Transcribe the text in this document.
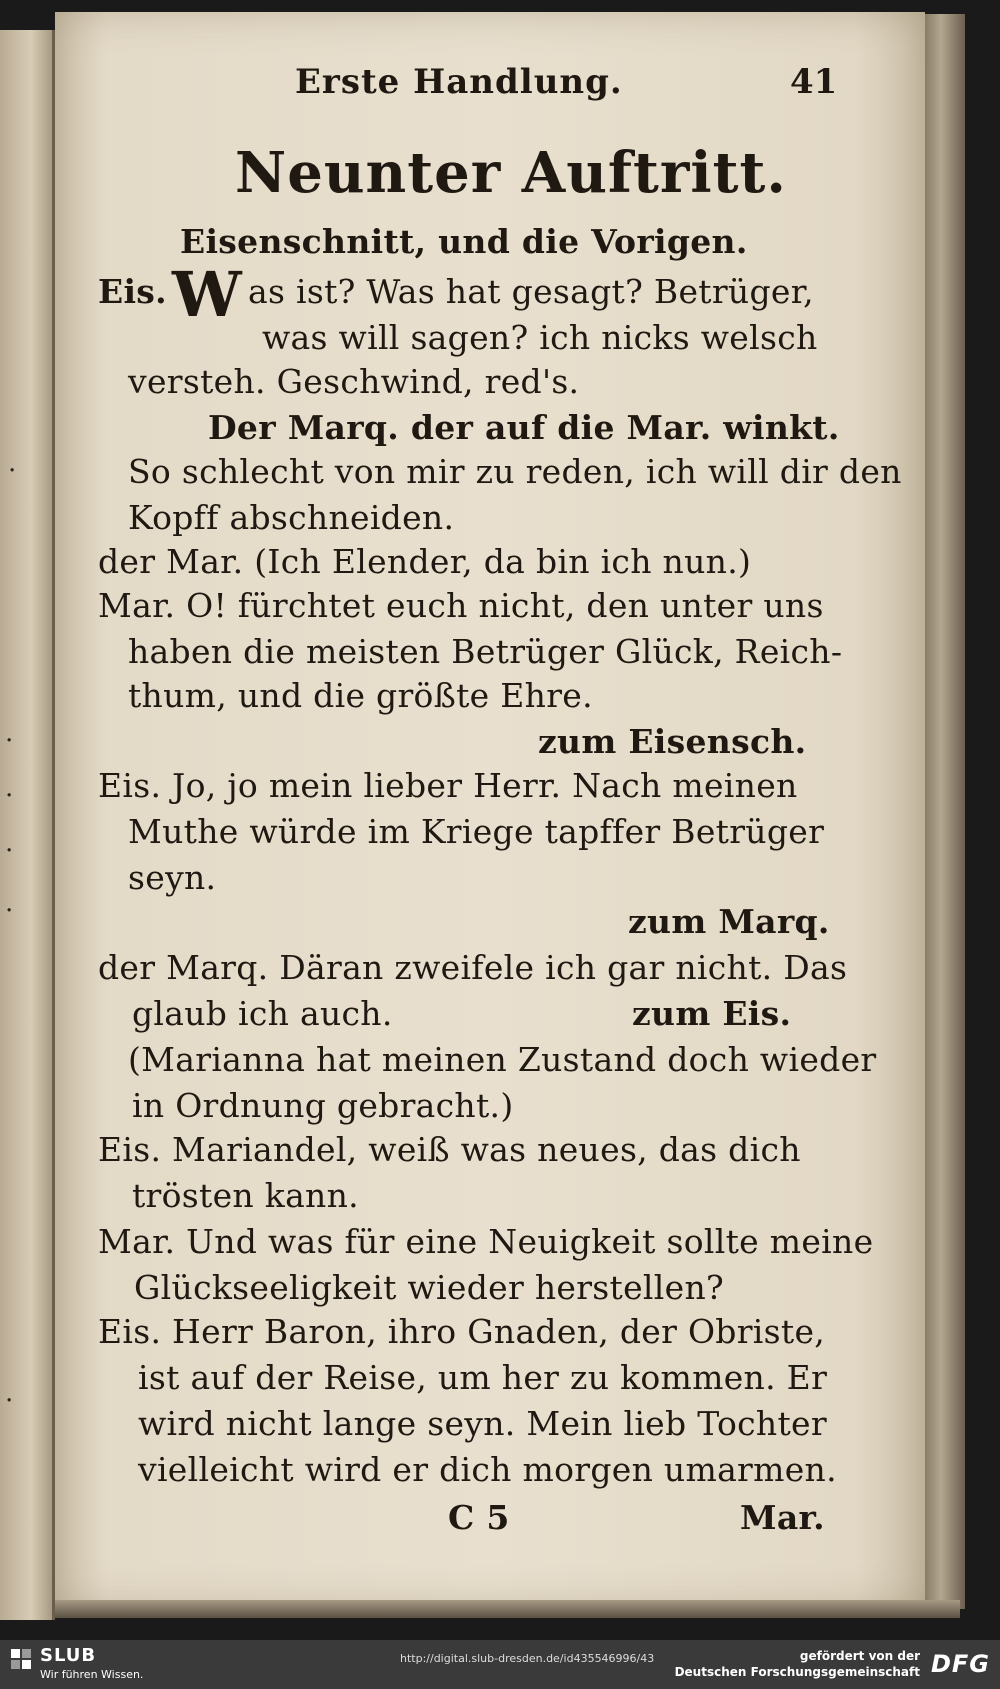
.
.
.
.
.
.
Erste Handlung.	41
Neunter Auftritt.
Eisenschnitt, und die Vorigen.
Eis. W as ist? Was hat gesagt? Betrüger,
was will sagen? ich nicks welsch
versteh. Geschwind, red's.
Der Marq. der auf die Mar. winkt.
So schlecht von mir zu reden, ich will dir den
Kopff abschneiden.
der Mar. (Ich Elender, da bin ich nun.)
Mar. O! fürchtet euch nicht, den unter uns
haben die meisten Betrüger Glück, Reich-
thum, und die größte Ehre.
zum Eisensch.
Eis. Jo, jo mein lieber Herr. Nach meinen
Muthe würde im Kriege tapffer Betrüger
seyn.
zum Marq.
der Marq. Däran zweifele ich gar nicht. Das
glaub ich auch.	zum Eis.
(Marianna hat meinen Zustand doch wieder
in Ordnung gebracht.)
Eis. Mariandel, weiß was neues, das dich
trösten kann.
Mar. Und was für eine Neuigkeit sollte meine
Glückseeligkeit wieder herstellen?
Eis. Herr Baron, ihro Gnaden, der Obriste,
ist auf der Reise, um her zu kommen. Er
wird nicht lange seyn. Mein lieb Tochter
vielleicht wird er dich morgen umarmen.
C 5	Mar.
SLUB
Wir führen Wissen.
http://digital.slub-dresden.de/id435546996/43	gefördert von der
Deutschen Forschungsgemeinschaft DFG
